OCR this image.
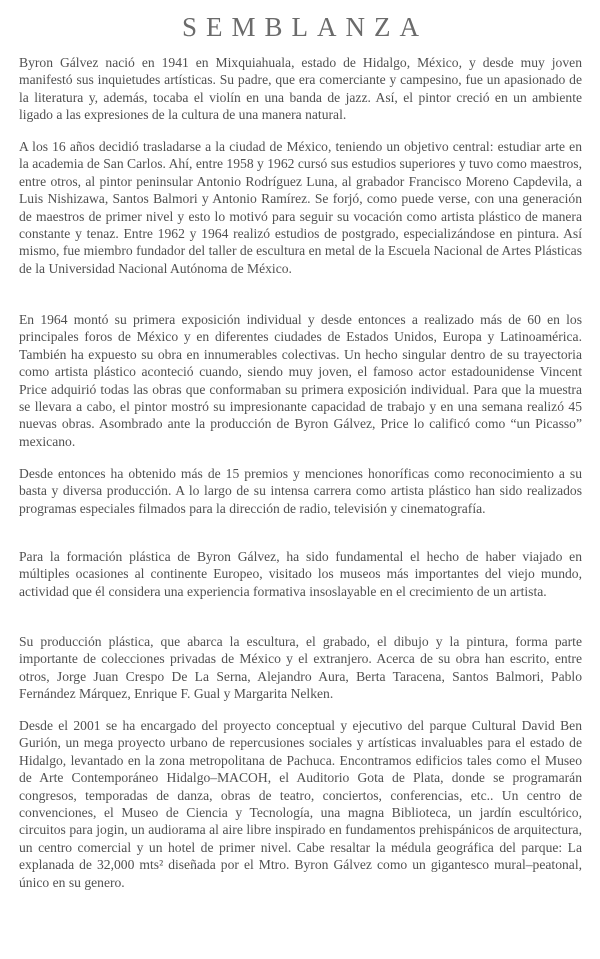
SEMBLANZA

Byron Gálvez nació en 1941 en Mixquiahuala, estado de Hidalgo, México, y desde muy joven manifestó sus inquietudes artísticas. Su padre, que era comerciante y campesino, fue un apasionado de la literatura y, además, tocaba el violín en una banda de jazz. Así, el pintor creció en un ambiente ligado a las expresiones de la cultura de una manera natural.

A los 16 años decidió trasladarse a la ciudad de México, teniendo un objetivo central: estudiar arte en la academia de San Carlos. Ahí, entre 1958 y 1962 cursó sus estudios superiores y tuvo como maestros, entre otros, al pintor peninsular Antonio Rodríguez Luna, al grabador Francisco Moreno Capdevila, a Luis Nishizawa, Santos Balmori y Antonio Ramírez. Se forjó, como puede verse, con una generación de maestros de primer nivel y esto lo motivó para seguir su vocación como artista plástico de manera constante y tenaz. Entre 1962 y 1964 realizó estudios de postgrado, especializándose en pintura. Así mismo, fue miembro fundador del taller de escultura en metal de la Escuela Nacional de Artes Plásticas de la Universidad Nacional Autónoma de México.

En 1964 montó su primera exposición individual y desde entonces a realizado más de 60 en los principales foros de México y en diferentes ciudades de Estados Unidos, Europa y Latinoamérica. También ha expuesto su obra en innumerables colectivas. Un hecho singular dentro de su trayectoria como artista plástico aconteció cuando, siendo muy joven, el famoso actor estadounidense Vincent Price adquirió todas las obras que conformaban su primera exposición individual. Para que la muestra se llevara a cabo, el pintor mostró su impresionante capacidad de trabajo y en una semana realizó 45 nuevas obras. Asombrado ante la producción de Byron Gálvez, Price lo calificó como “un Picasso” mexicano.

Desde entonces ha obtenido más de 15 premios y menciones honoríficas como reconocimiento a su basta y diversa producción. A lo largo de su intensa carrera como artista plástico han sido realizados programas especiales filmados para la dirección de radio, televisión y cinematografía.

Para la formación plástica de Byron Gálvez, ha sido fundamental el hecho de haber viajado en múltiples ocasiones al continente Europeo, visitado los museos más importantes del viejo mundo, actividad que él considera una experiencia formativa insoslayable en el crecimiento de un artista.

Su producción plástica, que abarca la escultura, el grabado, el dibujo y la pintura, forma parte importante de colecciones privadas de México y el extranjero. Acerca de su obra han escrito, entre otros, Jorge Juan Crespo De La Serna, Alejandro Aura, Berta Taracena, Santos Balmori, Pablo Fernández Márquez, Enrique F. Gual y Margarita Nelken.

Desde el 2001 se ha encargado del proyecto conceptual y ejecutivo del parque Cultural David Ben Gurión, un mega proyecto urbano de repercusiones sociales y artísticas invaluables para el estado de Hidalgo, levantado en la zona metropolitana de Pachuca. Encontramos edificios tales como el Museo de Arte Contemporáneo Hidalgo–MACOH, el Auditorio Gota de Plata, donde se programarán congresos, temporadas de danza, obras de teatro, conciertos, conferencias, etc.. Un centro de convenciones, el Museo de Ciencia y Tecnología, una magna Biblioteca, un jardín escultórico, circuitos para jogin, un audiorama al aire libre inspirado en fundamentos prehispánicos de arquitectura, un centro comercial y un hotel de primer nivel. Cabe resaltar la médula geográfica del parque: La explanada de 32,000 mts² diseñada por el Mtro. Byron Gálvez como un gigantesco mural–peatonal, único en su genero.
